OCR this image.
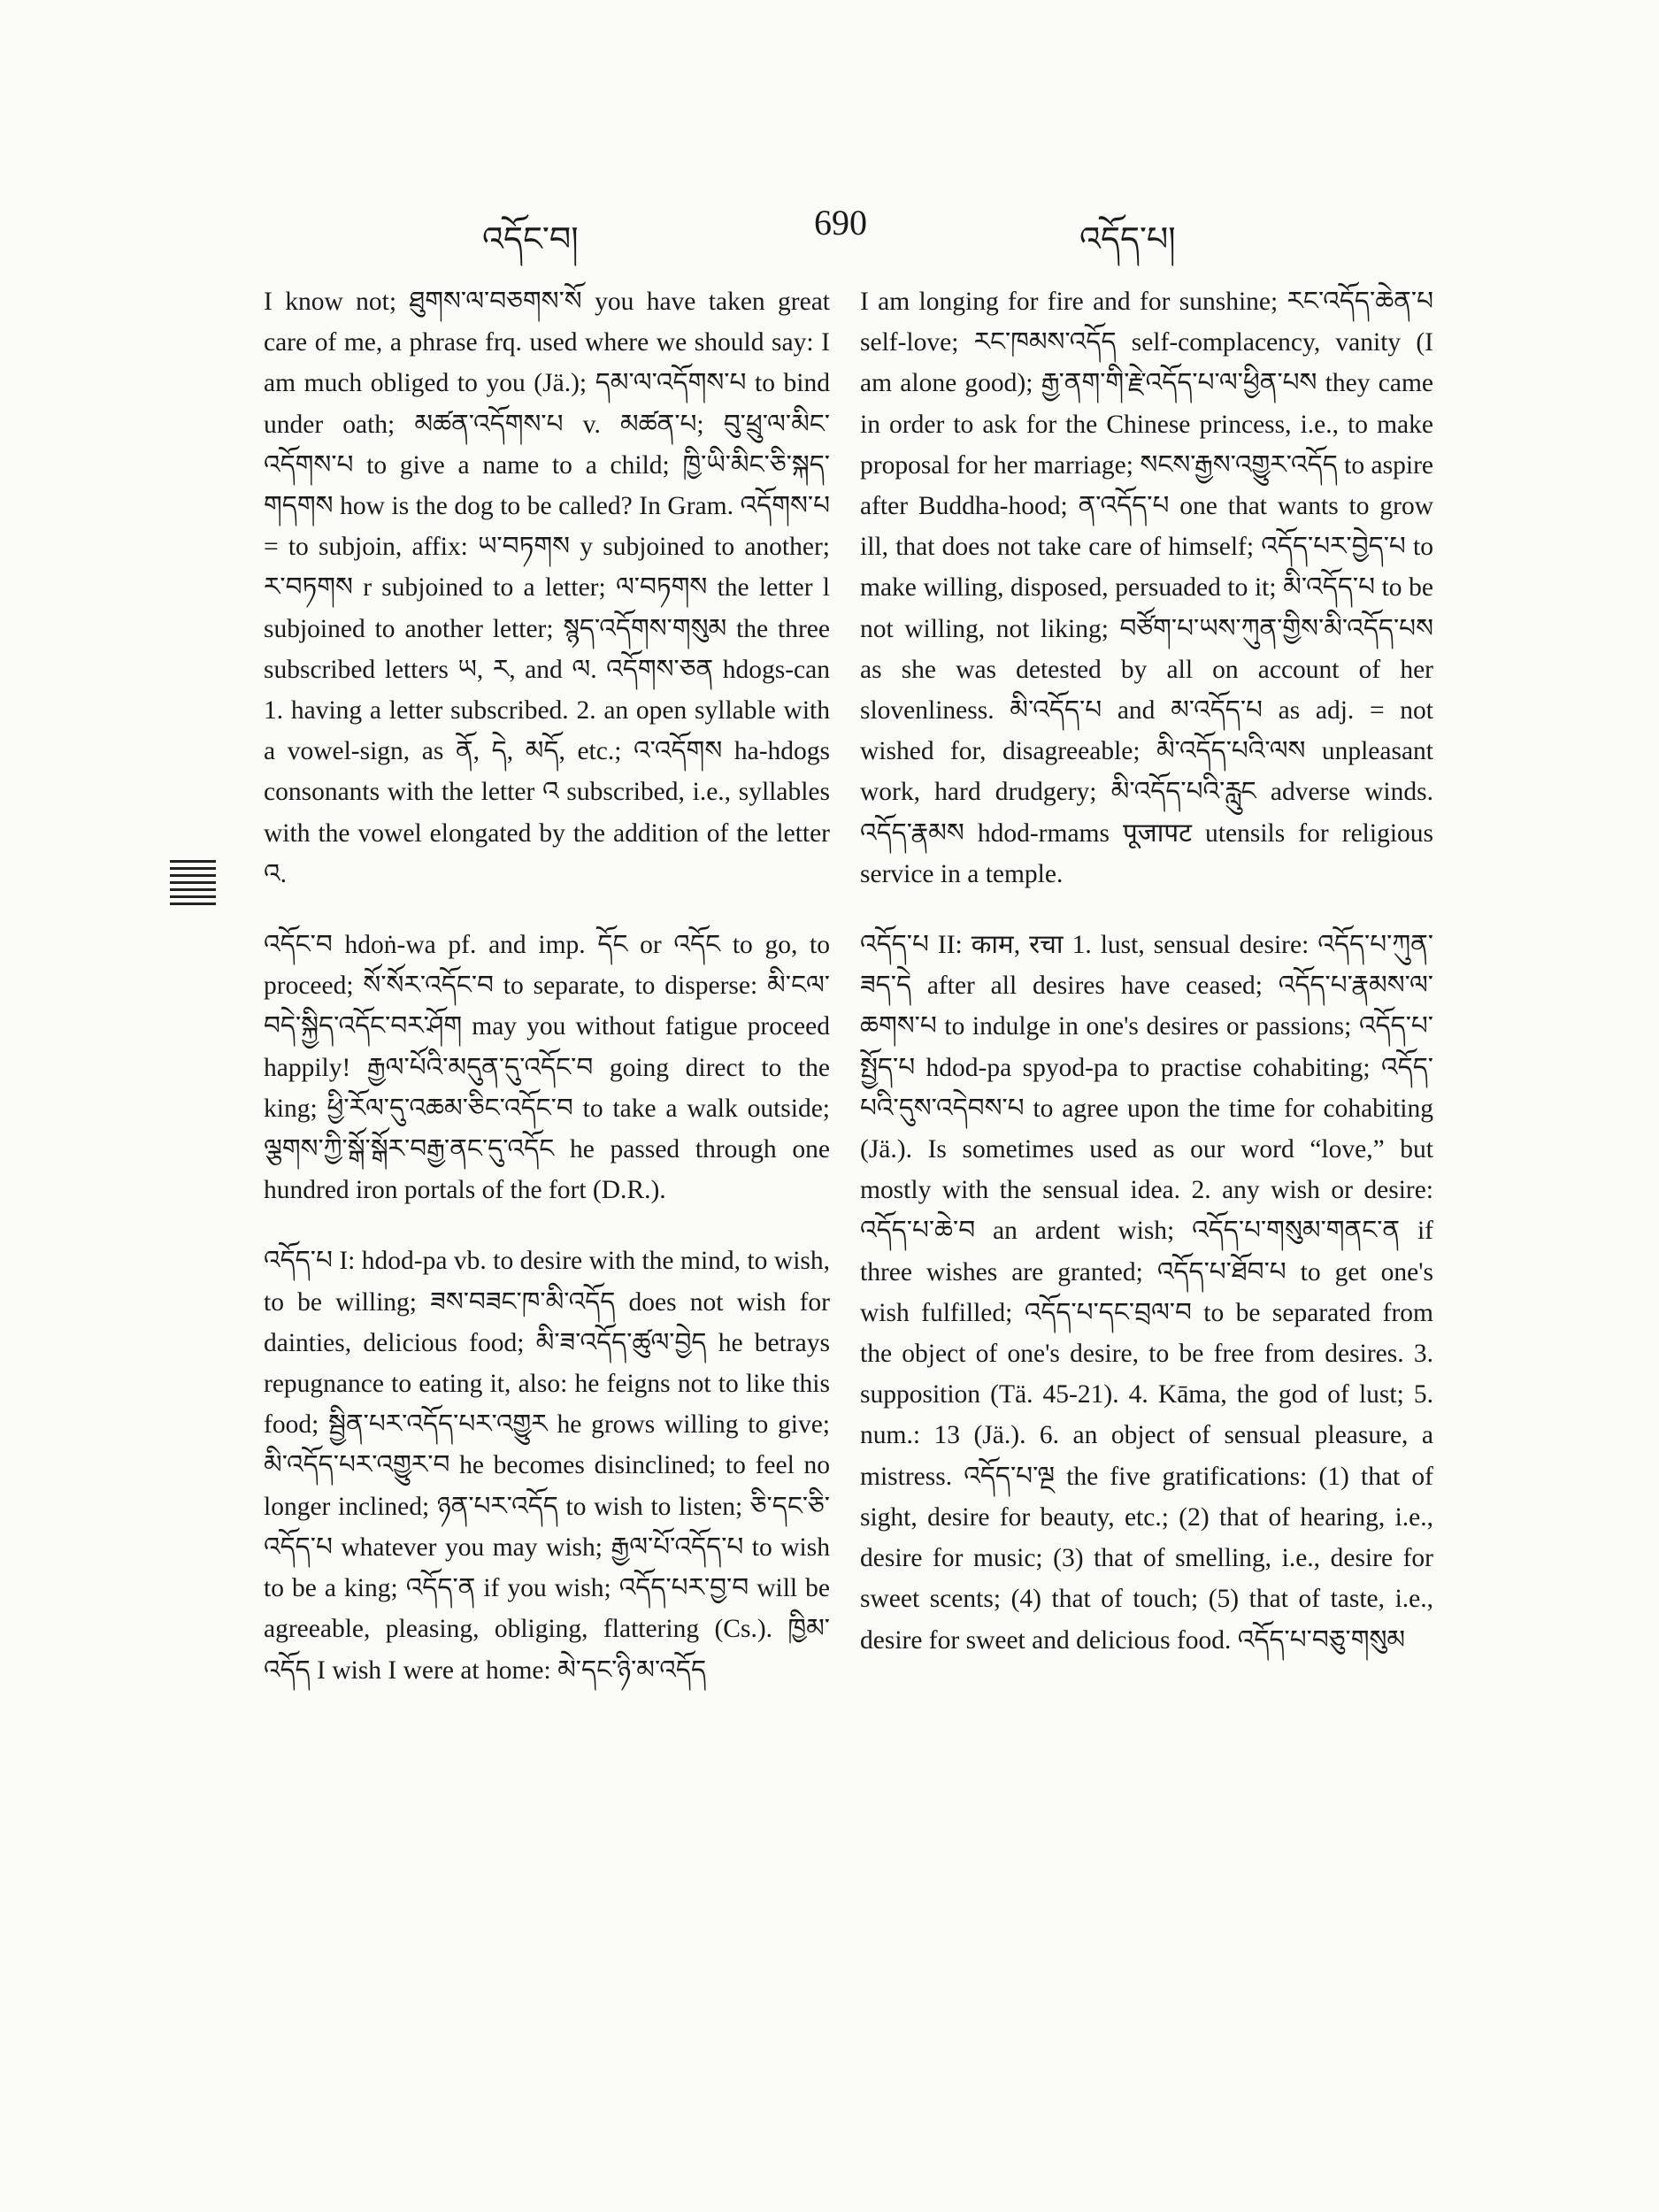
འདོང་བ།	690	འདོད་པ།

I know not; ཐུགས་ལ་བཅགས་སོ you have taken great care of me, a phrase frq. used where we should say: I am much obliged to you (Jä.); དམ་ལ་འདོགས་པ to bind under oath; མཚན་འདོགས་པ v. མཚན་པ; བུ་ཕྲུ་ལ་མིང་འདོགས་པ to give a name to a child; ཁྱི་ཡི་མིང་ཅི་སྐད་གདགས how is the dog to be called? In Gram. འདོགས་པ = to subjoin, affix: ཡ་བཏགས y subjoined to another; ར་བཏགས r subjoined to a letter; ལ་བཏགས the letter l subjoined to another letter; སྙད་འདོགས་གསུམ the three subscribed letters ཡ, ར, and ལ. འདོགས་ཅན hdogs-can 1. having a letter subscribed. 2. an open syllable with a vowel-sign, as ནོ, དེ, མདོ, etc.; འ་འདོགས ha-hdogs consonants with the letter འ subscribed, i.e., syllables with the vowel elongated by the addition of the letter འ.

འདོང་བ hdoṅ-wa pf. and imp. དོང or འདོང to go, to proceed; སོ་སོར་འདོང་བ to separate, to disperse: མི་ངལ་བདེ་སྐྱིད་འདོང་བར་ཤོག may you without fatigue proceed happily! རྒྱལ་པོའི་མདུན་དུ་འདོང་བ going direct to the king; ཕྱི་རོལ་དུ་འཆམ་ཅིང་འདོང་བ to take a walk outside; ལྕགས་ཀྱི་སྒོ་སྒོར་བརྒྱ་ནང་དུ་འདོང he passed through one hundred iron portals of the fort (D.R.).

འདོད་པ I: hdod-pa vb. to desire with the mind, to wish, to be willing; ཟས་བཟང་ཁ་མི་འདོད does not wish for dainties, delicious food; མི་ཟ་འདོད་ཚུལ་བྱེད he betrays repugnance to eating it, also: he feigns not to like this food; སྦྱིན་པར་འདོད་པར་འགྱུར he grows willing to give; མི་འདོད་པར་འགྱུར་བ he becomes disinclined; to feel no longer inclined; ཉན་པར་འདོད to wish to listen; ཅི་དང་ཅི་འདོད་པ whatever you may wish; རྒྱལ་པོ་འདོད་པ to wish to be a king; འདོད་ན if you wish; འདོད་པར་བྱ་བ will be agreeable, pleasing, obliging, flattering (Cs.). ཁྱིམ་འདོད I wish I were at home: མེ་དང་ཉི་མ་འདོད

I am longing for fire and for sunshine; རང་འདོད་ཆེན་པ self-love; རང་ཁམས་འདོད self-complacency, vanity (I am alone good); རྒྱ་ནག་གི་རྗེ་འདོད་པ་ལ་ཕྱིན་པས they came in order to ask for the Chinese princess, i.e., to make proposal for her marriage; སངས་རྒྱས་འགྱུར་འདོད to aspire after Buddha-hood; ན་འདོད་པ one that wants to grow ill, that does not take care of himself; འདོད་པར་བྱེད་པ to make willing, disposed, persuaded to it; མི་འདོད་པ to be not willing, not liking; བཙོག་པ་ཡས་ཀུན་གྱིས་མི་འདོད་པས as she was detested by all on account of her slovenliness. མི་འདོད་པ and མ་འདོད་པ as adj. = not wished for, disagreeable; མི་འདོད་པའི་ལས unpleasant work, hard drudgery; མི་འདོད་པའི་རླུང adverse winds. འདོད་རྣམས hdod-rmams पूजापट utensils for religious service in a temple.

འདོད་པ II: काम, रचा 1. lust, sensual desire: འདོད་པ་ཀུན་ཟད་དེ after all desires have ceased; འདོད་པ་རྣམས་ལ་ཆགས་པ to indulge in one's desires or passions; འདོད་པ་སྤྱོད་པ hdod-pa spyod-pa to practise cohabiting; འདོད་པའི་དུས་འདེབས་པ to agree upon the time for cohabiting (Jä.). Is sometimes used as our word “love,” but mostly with the sensual idea. 2. any wish or desire: འདོད་པ་ཆེ་བ an ardent wish; འདོད་པ་གསུམ་གནང་ན if three wishes are granted; འདོད་པ་ཐོབ་པ to get one's wish fulfilled; འདོད་པ་དང་བྲལ་བ to be separated from the object of one's desire, to be free from desires. 3. supposition (Tä. 45-21). 4. Kāma, the god of lust; 5. num.: 13 (Jä.). 6. an object of sensual pleasure, a mistress. འདོད་པ་ལྔ the five gratifications: (1) that of sight, desire for beauty, etc.; (2) that of hearing, i.e., desire for music; (3) that of smelling, i.e., desire for sweet scents; (4) that of touch; (5) that of taste, i.e., desire for sweet and delicious food. འདོད་པ་བཅུ་གསུམ
